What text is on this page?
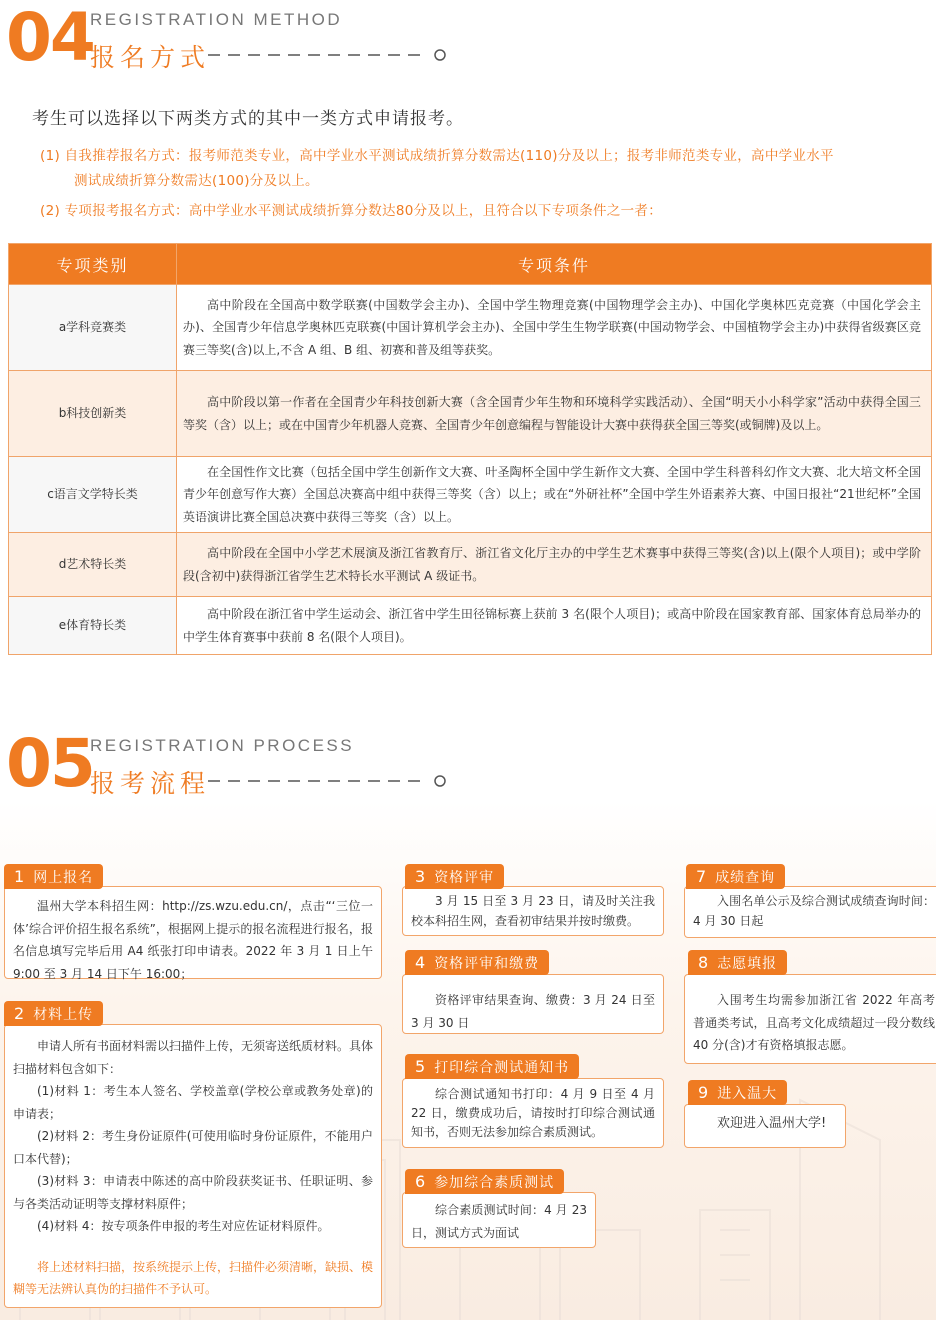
04
REGISTRATION METHOD
报名方式
考生可以选择以下两类方式的其中一类方式申请报考。
(1) 自我推荐报名方式：报考师范类专业，高中学业水平测试成绩折算分数需达(110)分及以上；报考非师范类专业，高中学业水平
测试成绩折算分数需达(100)分及以上。
(2) 专项报考报名方式：高中学业水平测试成绩折算分数达80分及以上，且符合以下专项条件之一者：
专项类别	专项条件
a学科竞赛类	高中阶段在全国高中数学联赛(中国数学会主办)、全国中学生物理竞赛(中国物理学会主办)、中国化学奥林匹克竞赛（中国化学会主办)、全国青少年信息学奥林匹克联赛(中国计算机学会主办)、全国中学生生物学联赛(中国动物学会、中国植物学会主办)中获得省级赛区竞赛三等奖(含)以上,不含 A 组、B 组、初赛和普及组等获奖。
b科技创新类	高中阶段以第一作者在全国青少年科技创新大赛（含全国青少年生物和环境科学实践活动）、全国“明天小小科学家”活动中获得全国三等奖（含）以上；或在中国青少年机器人竞赛、全国青少年创意编程与智能设计大赛中获得获全国三等奖(或铜牌)及以上。
c语言文学特长类	在全国性作文比赛（包括全国中学生创新作文大赛、叶圣陶杯全国中学生新作文大赛、全国中学生科普科幻作文大赛、北大培文杯全国青少年创意写作大赛）全国总决赛高中组中获得三等奖（含）以上；或在“外研社杯”全国中学生外语素养大赛、中国日报社“21世纪杯”全国英语演讲比赛全国总决赛中获得三等奖（含）以上。
d艺术特长类	高中阶段在全国中小学艺术展演及浙江省教育厅、浙江省文化厅主办的中学生艺术赛事中获得三等奖(含)以上(限个人项目)；或中学阶段(含初中)获得浙江省学生艺术特长水平测试 A 级证书。
e体育特长类	高中阶段在浙江省中学生运动会、浙江省中学生田径锦标赛上获前 3 名(限个人项目)；或高中阶段在国家教育部、国家体育总局举办的中学生体育赛事中获前 8 名(限个人项目)。
05
REGISTRATION PROCESS
报考流程

温州大学本科招生网：http://zs.wzu.edu.cn/，点击“‘三位一体’综合评价招生报名系统”，根据网上提示的报名流程进行报名，报名信息填写完毕后用 A4 纸张打印申请表。2022 年 3 月 1 日上午 9:00 至 3 月 14 日下午 16:00；

1 网上报名

申请人所有书面材料需以扫描件上传，无须寄送纸质材料。具体扫描材料包含如下：

(1)材料 1：考生本人签名、学校盖章(学校公章或教务处章)的申请表；

(2)材料 2：考生身份证原件(可使用临时身份证原件，不能用户口本代替)；

(3)材料 3：申请表中陈述的高中阶段获奖证书、任职证明、参与各类活动证明等支撑材料原件；

(4)材料 4：按专项条件申报的考生对应佐证材料原件。

将上述材料扫描，按系统提示上传，扫描件必须清晰，缺损、模糊等无法辨认真伪的扫描件不予认可。

2 材料上传

3 月 15 日至 3 月 23 日，请及时关注我校本科招生网，查看初审结果并按时缴费。

3 资格评审

资格评审结果查询、缴费：3 月 24 日至 3 月 30 日

4 资格评审和缴费

综合测试通知书打印：4 月 9 日至 4 月 22 日，缴费成功后，请按时打印综合测试通知书，否则无法参加综合素质测试。

5 打印综合测试通知书

综合素质测试时间：4 月 23 日，测试方式为面试

6 参加综合素质测试

入围名单公示及综合测试成绩查询时间：4 月 30 日起

7 成绩查询

入围考生均需参加浙江省 2022 年高考普通类考试，且高考文化成绩超过一段分数线 40 分(含)才有资格填报志愿。

8 志愿填报

欢迎进入温州大学!

9 进入温大
